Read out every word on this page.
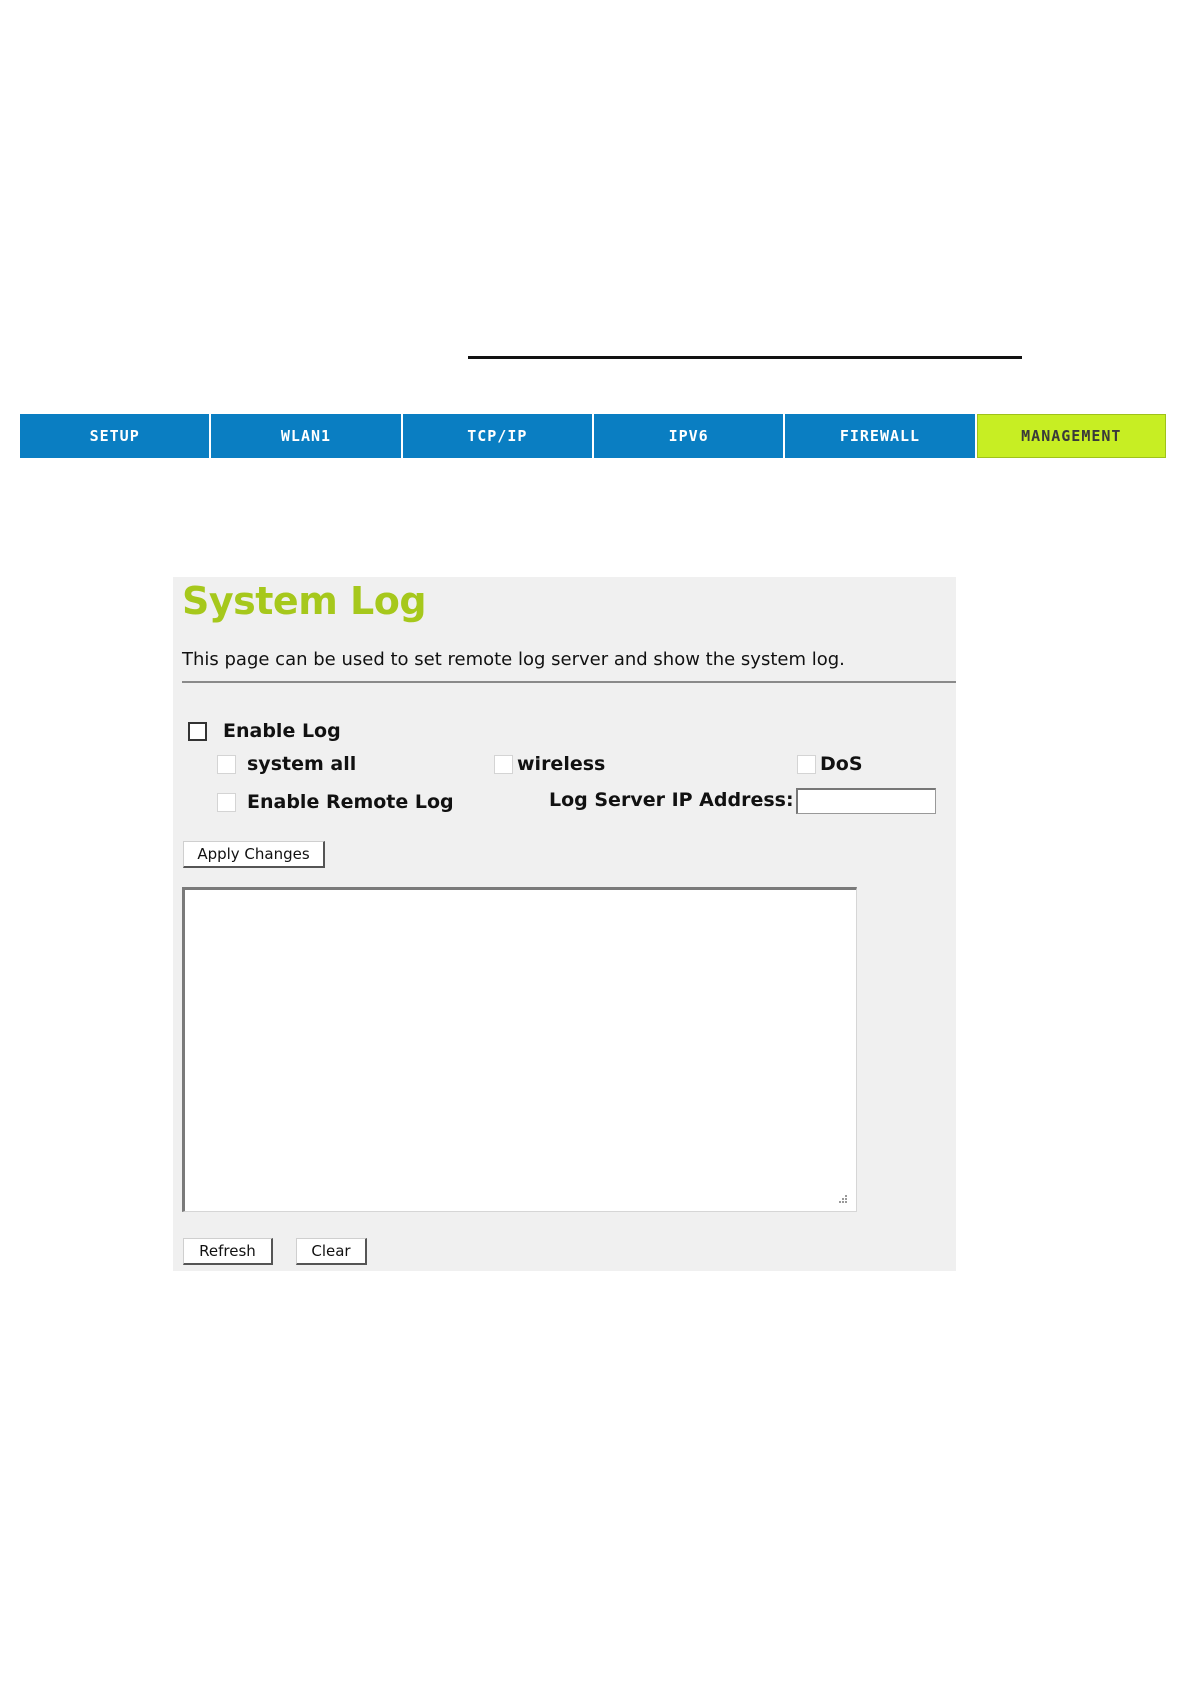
SETUP	WLAN1	TCP/IP	IPV6	FIREWALL	MANAGEMENT
System Log
This page can be used to set remote log server and show the system log.
Enable Log
system all	wireless	DoS
Enable Remote Log	Log Server IP Address:
Apply Changes
Refresh	Clear
